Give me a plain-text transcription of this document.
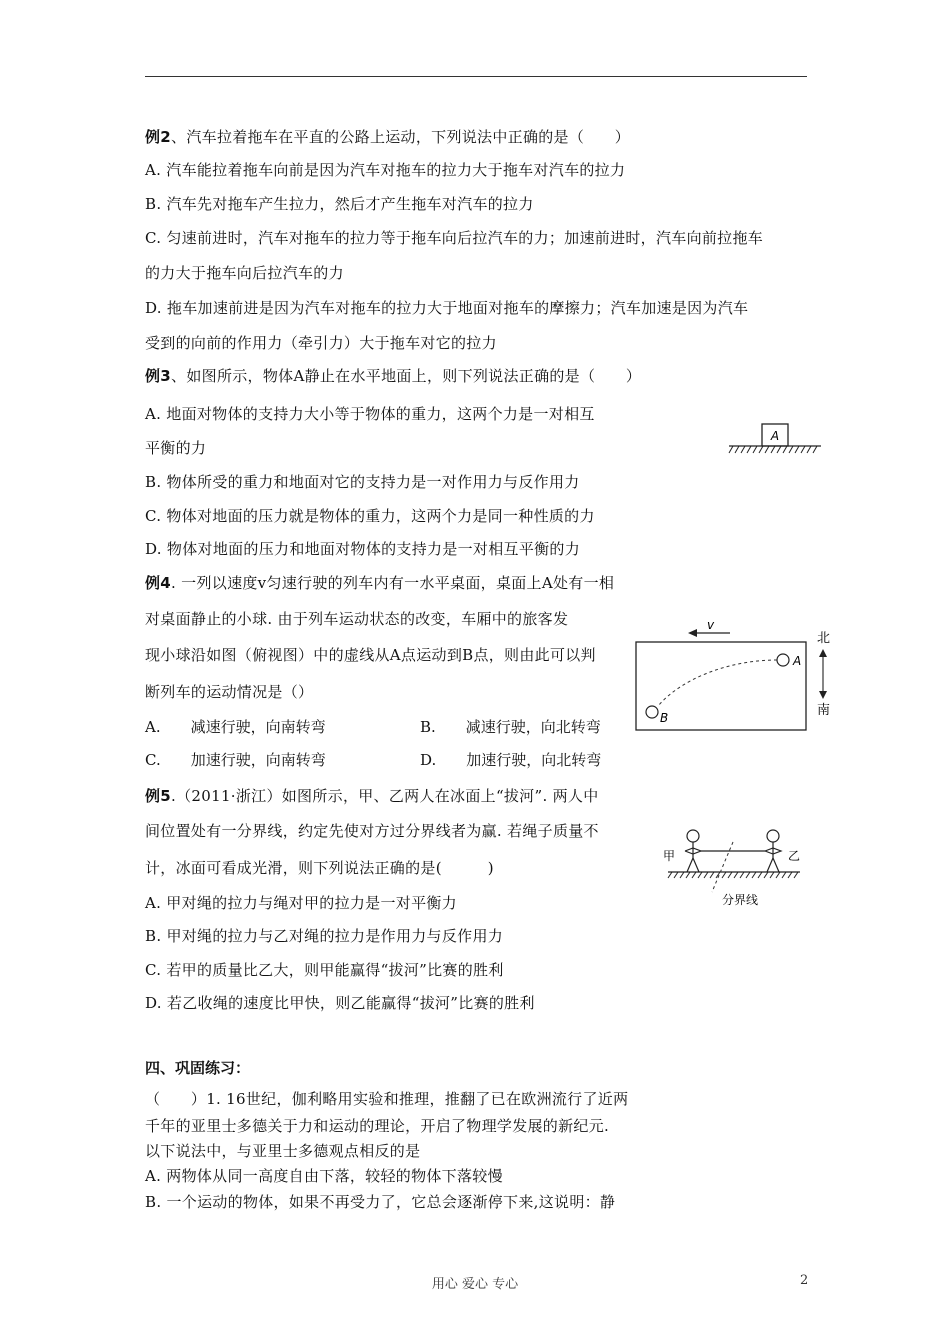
例2、汽车拉着拖车在平直的公路上运动，下列说法中正确的是（　　）
A. 汽车能拉着拖车向前是因为汽车对拖车的拉力大于拖车对汽车的拉力
B. 汽车先对拖车产生拉力，然后才产生拖车对汽车的拉力
C. 匀速前进时，汽车对拖车的拉力等于拖车向后拉汽车的力；加速前进时，汽车向前拉拖车
的力大于拖车向后拉汽车的力
D. 拖车加速前进是因为汽车对拖车的拉力大于地面对拖车的摩擦力；汽车加速是因为汽车
受到的向前的作用力（牵引力）大于拖车对它的拉力
例3、如图所示，物体A静止在水平地面上，则下列说法正确的是（　　）
A. 地面对物体的支持力大小等于物体的重力，这两个力是一对相互
平衡的力
B. 物体所受的重力和地面对它的支持力是一对作用力与反作用力
C. 物体对地面的压力就是物体的重力，这两个力是同一种性质的力
D. 物体对地面的压力和地面对物体的支持力是一对相互平衡的力
A
例4. 一列以速度v匀速行驶的列车内有一水平桌面，桌面上A处有一相
对桌面静止的小球. 由于列车运动状态的改变，车厢中的旅客发
现小球沿如图（俯视图）中的虚线从A点运动到B点，则由此可以判
断列车的运动情况是（）
A.　　减速行驶，向南转弯	B.　　减速行驶，向北转弯
C.　　加速行驶，向南转弯	D.　　加速行驶，向北转弯
v
A
B
北
南
例5.（2011·浙江）如图所示，甲、乙两人在冰面上“拔河”. 两人中
间位置处有一分界线，约定先使对方过分界线者为赢. 若绳子质量不
计，冰面可看成光滑，则下列说法正确的是(　　　)
A. 甲对绳的拉力与绳对甲的拉力是一对平衡力
B. 甲对绳的拉力与乙对绳的拉力是作用力与反作用力
C. 若甲的质量比乙大，则甲能赢得“拔河”比赛的胜利
D. 若乙收绳的速度比甲快，则乙能赢得“拔河”比赛的胜利
甲	乙
分界线
四、巩固练习：
（　　）1. 16世纪，伽利略用实验和推理，推翻了已在欧洲流行了近两
千年的亚里士多德关于力和运动的理论，开启了物理学发展的新纪元.
以下说法中，与亚里士多德观点相反的是
A. 两物体从同一高度自由下落，较轻的物体下落较慢
B. 一个运动的物体，如果不再受力了，它总会逐渐停下来,这说明：静
用心 爱心 专心	2
